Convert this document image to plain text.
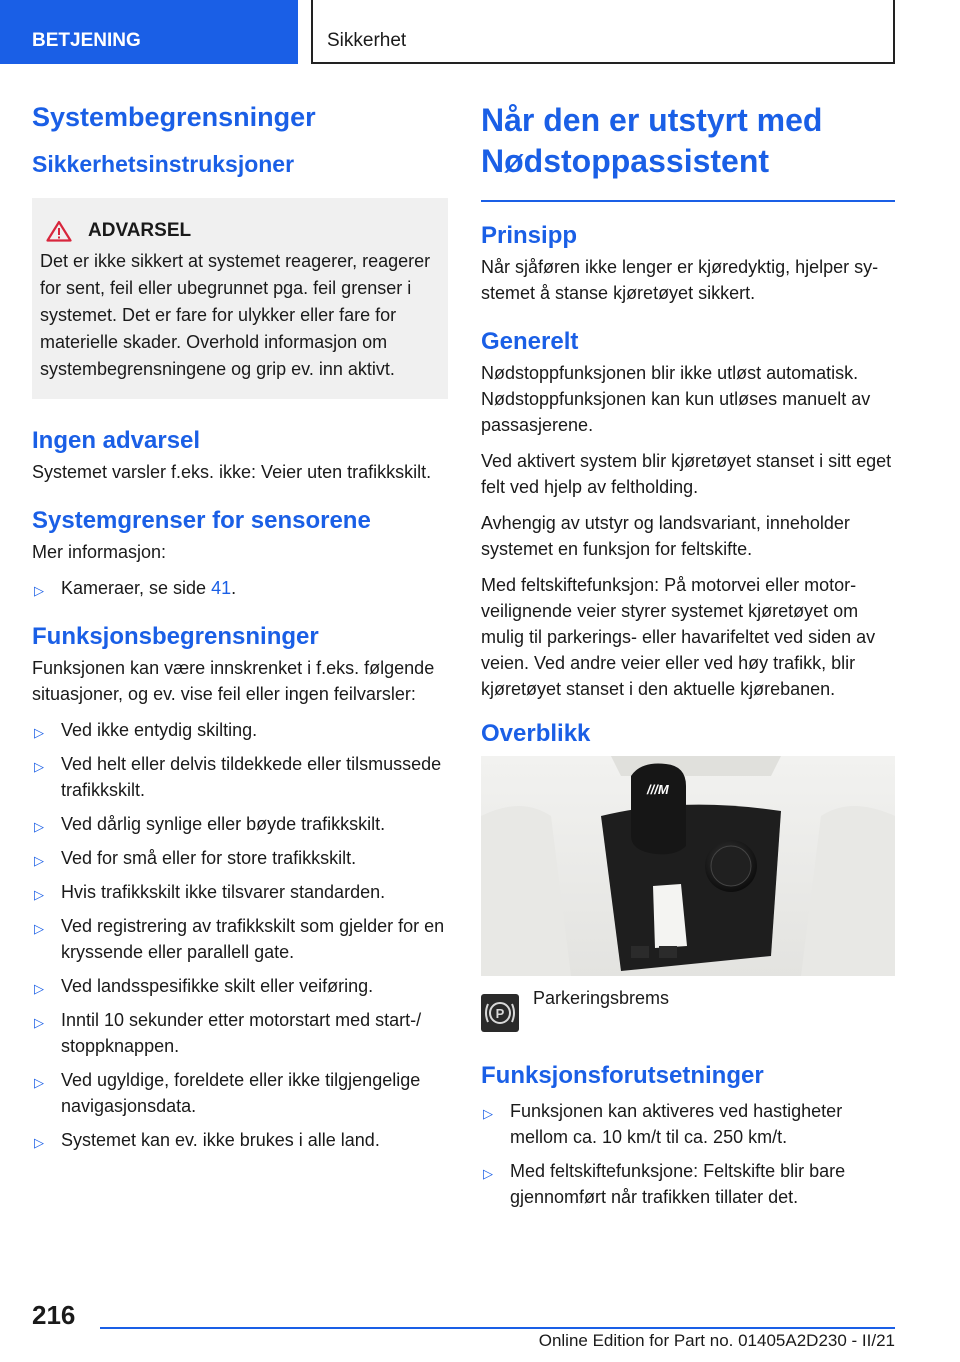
BETJENING	Sikkerhet
Systembegrensninger
Sikkerhetsinstruksjoner
ADVARSEL

Det er ikke sikkert at systemet reagerer, reagerer for sent, feil eller ubegrunnet pga. feil grenser i systemet. Det er fare for ulykker eller fare for materielle skader. Overhold informasjon om systembegrensningene og grip ev. inn aktivt.

Ingen advarsel

Systemet varsler f.eks. ikke: Veier uten trafikkskilt.

Systemgrenser for sensorene

Mer informasjon:

▷ Kameraer, se side 41.
Funksjonsbegrensninger

Funksjonen kan være innskrenket i f.eks. følgende situasjoner, og ev. vise feil eller ingen feilvarsler:

▷ Ved ikke entydig skilting.
▷ Ved helt eller delvis tildekkede eller tilsmussede trafikkskilt.
▷ Ved dårlig synlige eller bøyde trafikkskilt.
▷ Ved for små eller for store trafikkskilt.
▷ Hvis trafikkskilt ikke tilsvarer standarden.
▷ Ved registrering av trafikkskilt som gjelder for en kryssende eller parallell gate.
▷ Ved landsspesifikke skilt eller veiføring.
▷ Inntil 10 sekunder etter motorstart med start-/ stoppknappen.
▷ Ved ugyldige, foreldete eller ikke tilgjengelige navigasjonsdata.
▷ Systemet kan ev. ikke brukes i alle land.
Når den er utstyrt med
Nødstoppassistent
Prinsipp

Når sjåføren ikke lenger er kjøredyktig, hjelper systemet å stanse kjøretøyet sikkert.

Generelt

Nødstoppfunksjonen blir ikke utløst automatisk. Nødstoppfunksjonen kan kun utløses manuelt av passasjerene.

Ved aktivert system blir kjøretøyet stanset i sitt eget felt ved hjelp av feltholding.

Avhengig av utstyr og landsvariant, inneholder systemet en funksjon for feltskifte.

Med feltskiftefunksjon: På motorvei eller motorveilignende veier styrer systemet kjøretøyet om mulig til parkerings- eller havarifeltet ved siden av veien. Ved andre veier eller ved høy trafikk, blir kjøretøyet stanset i den aktuelle kjørebanen.

Overblikk
///M
P
Parkeringsbrems
Funksjonsforutsetninger
▷ Funksjonen kan aktiveres ved hastigheter mellom ca. 10 km/t til ca. 250 km/t.
▷ Med feltskiftefunksjone: Feltskifte blir bare gjennomført når trafikken tillater det.
216
Online Edition for Part no. 01405A2D230 - II/21
